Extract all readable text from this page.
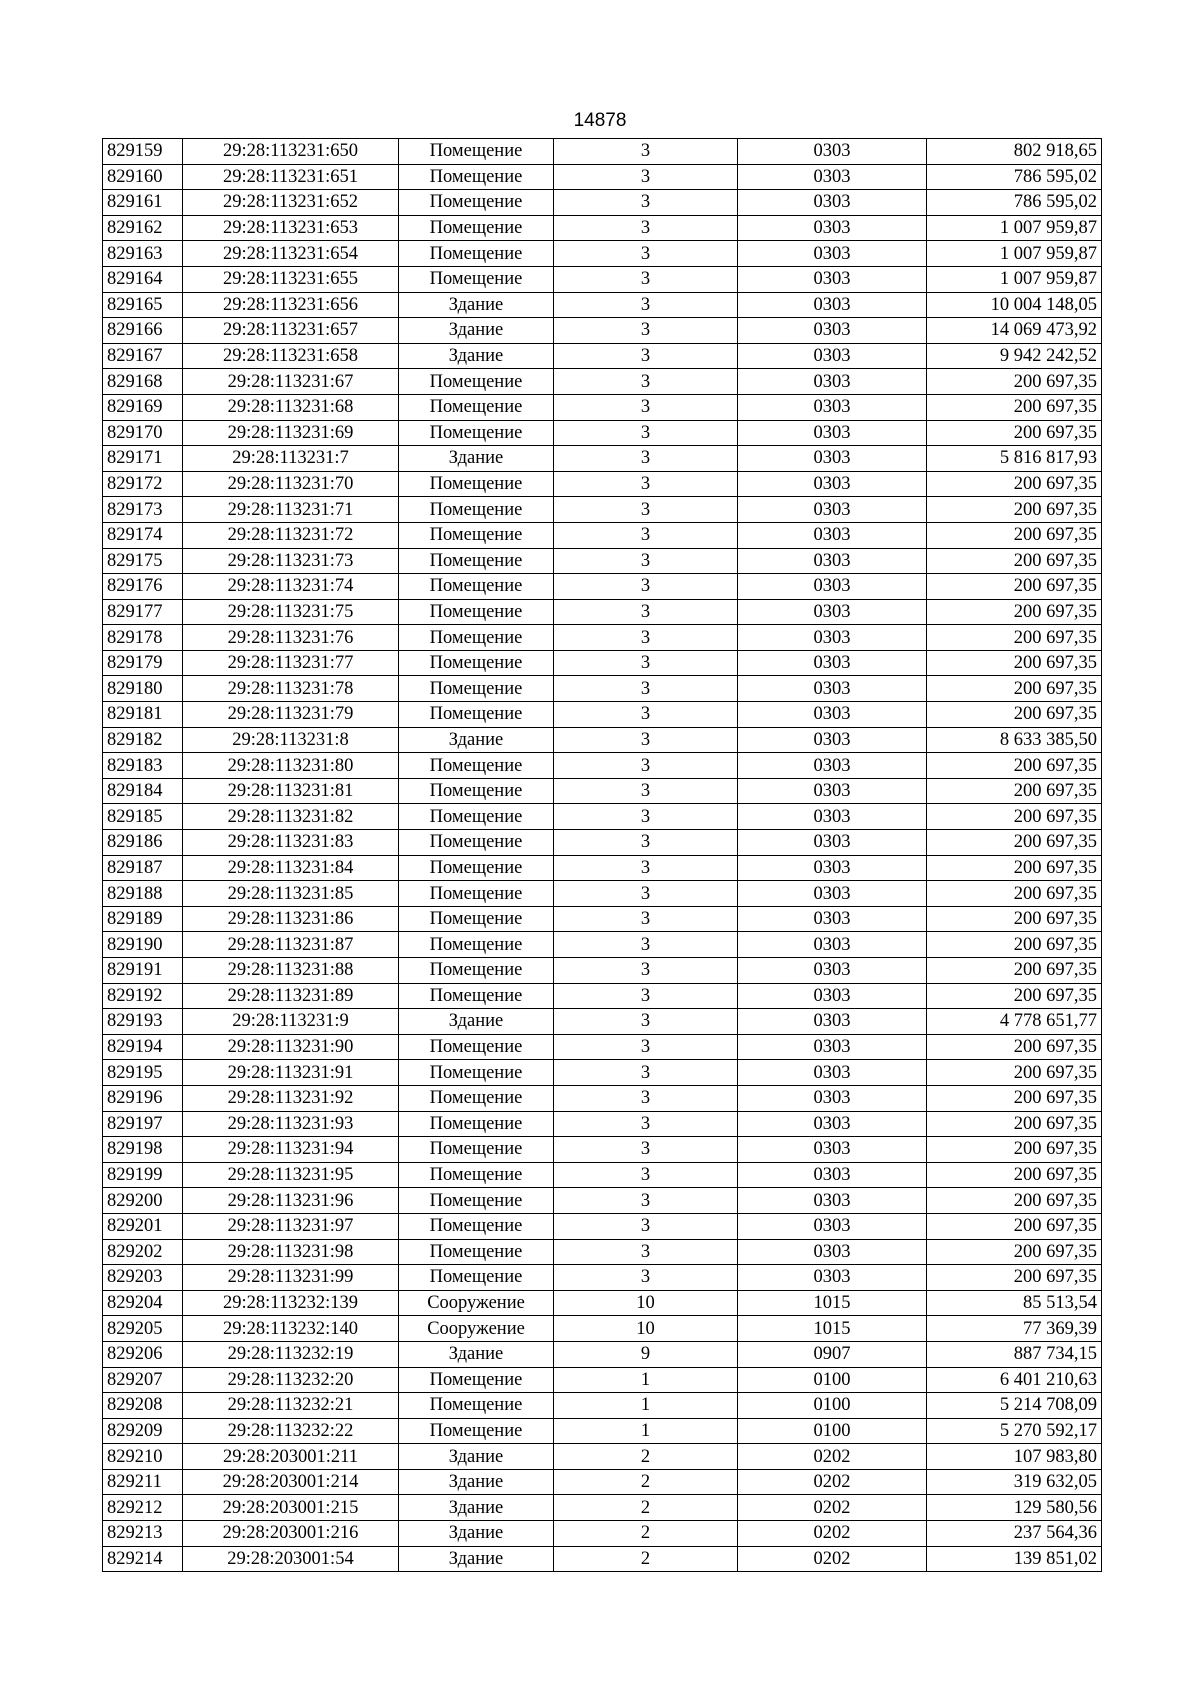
14878
829159	29:28:113231:650	Помещение	3	0303	802 918,65
829160	29:28:113231:651	Помещение	3	0303	786 595,02
829161	29:28:113231:652	Помещение	3	0303	786 595,02
829162	29:28:113231:653	Помещение	3	0303	1 007 959,87
829163	29:28:113231:654	Помещение	3	0303	1 007 959,87
829164	29:28:113231:655	Помещение	3	0303	1 007 959,87
829165	29:28:113231:656	Здание	3	0303	10 004 148,05
829166	29:28:113231:657	Здание	3	0303	14 069 473,92
829167	29:28:113231:658	Здание	3	0303	9 942 242,52
829168	29:28:113231:67	Помещение	3	0303	200 697,35
829169	29:28:113231:68	Помещение	3	0303	200 697,35
829170	29:28:113231:69	Помещение	3	0303	200 697,35
829171	29:28:113231:7	Здание	3	0303	5 816 817,93
829172	29:28:113231:70	Помещение	3	0303	200 697,35
829173	29:28:113231:71	Помещение	3	0303	200 697,35
829174	29:28:113231:72	Помещение	3	0303	200 697,35
829175	29:28:113231:73	Помещение	3	0303	200 697,35
829176	29:28:113231:74	Помещение	3	0303	200 697,35
829177	29:28:113231:75	Помещение	3	0303	200 697,35
829178	29:28:113231:76	Помещение	3	0303	200 697,35
829179	29:28:113231:77	Помещение	3	0303	200 697,35
829180	29:28:113231:78	Помещение	3	0303	200 697,35
829181	29:28:113231:79	Помещение	3	0303	200 697,35
829182	29:28:113231:8	Здание	3	0303	8 633 385,50
829183	29:28:113231:80	Помещение	3	0303	200 697,35
829184	29:28:113231:81	Помещение	3	0303	200 697,35
829185	29:28:113231:82	Помещение	3	0303	200 697,35
829186	29:28:113231:83	Помещение	3	0303	200 697,35
829187	29:28:113231:84	Помещение	3	0303	200 697,35
829188	29:28:113231:85	Помещение	3	0303	200 697,35
829189	29:28:113231:86	Помещение	3	0303	200 697,35
829190	29:28:113231:87	Помещение	3	0303	200 697,35
829191	29:28:113231:88	Помещение	3	0303	200 697,35
829192	29:28:113231:89	Помещение	3	0303	200 697,35
829193	29:28:113231:9	Здание	3	0303	4 778 651,77
829194	29:28:113231:90	Помещение	3	0303	200 697,35
829195	29:28:113231:91	Помещение	3	0303	200 697,35
829196	29:28:113231:92	Помещение	3	0303	200 697,35
829197	29:28:113231:93	Помещение	3	0303	200 697,35
829198	29:28:113231:94	Помещение	3	0303	200 697,35
829199	29:28:113231:95	Помещение	3	0303	200 697,35
829200	29:28:113231:96	Помещение	3	0303	200 697,35
829201	29:28:113231:97	Помещение	3	0303	200 697,35
829202	29:28:113231:98	Помещение	3	0303	200 697,35
829203	29:28:113231:99	Помещение	3	0303	200 697,35
829204	29:28:113232:139	Сооружение	10	1015	85 513,54
829205	29:28:113232:140	Сооружение	10	1015	77 369,39
829206	29:28:113232:19	Здание	9	0907	887 734,15
829207	29:28:113232:20	Помещение	1	0100	6 401 210,63
829208	29:28:113232:21	Помещение	1	0100	5 214 708,09
829209	29:28:113232:22	Помещение	1	0100	5 270 592,17
829210	29:28:203001:211	Здание	2	0202	107 983,80
829211	29:28:203001:214	Здание	2	0202	319 632,05
829212	29:28:203001:215	Здание	2	0202	129 580,56
829213	29:28:203001:216	Здание	2	0202	237 564,36
829214	29:28:203001:54	Здание	2	0202	139 851,02
